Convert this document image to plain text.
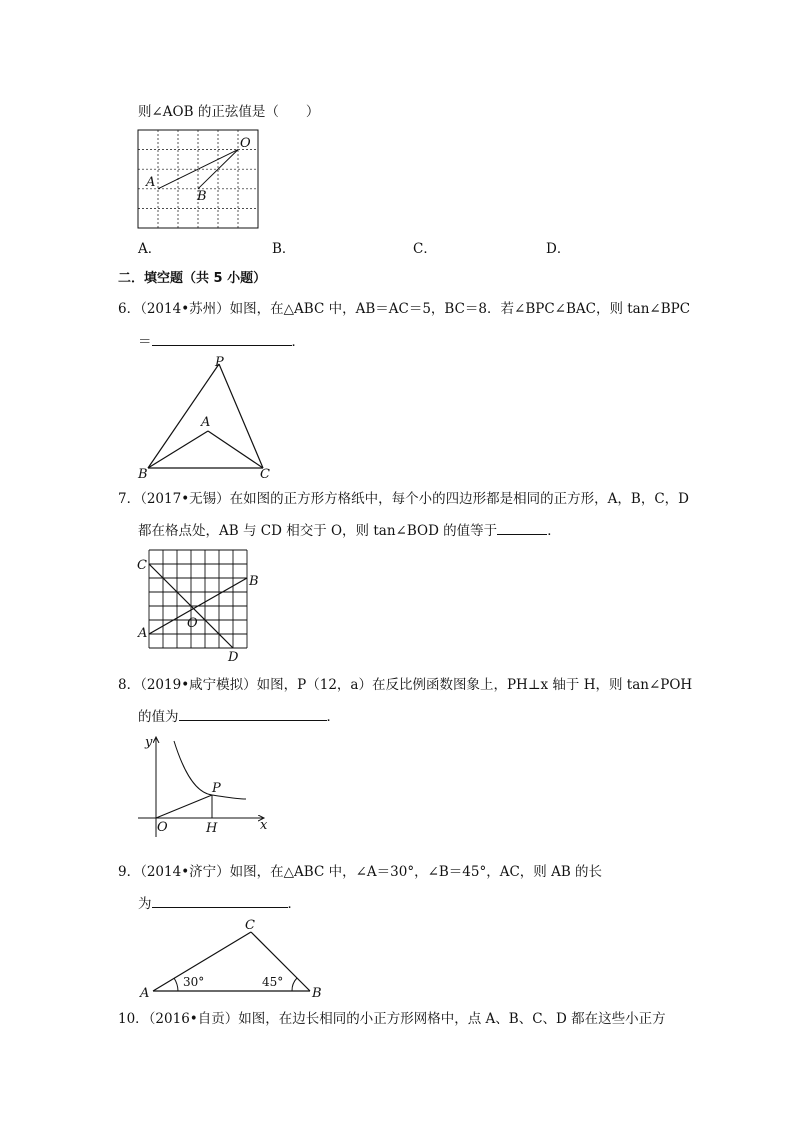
则∠AOB 的正弦值是（　　）
O
A
B
A．	B．	C．	D．
二．填空题（共 5 小题）
6．（2014•苏州）如图，在△ABC 中，AB＝AC＝5，BC＝8．若∠BPC∠BAC，则 tan∠BPC
＝	．
P
A
B	C
7．（2017•无锡）在如图的正方形方格纸中，每个小的四边形都是相同的正方形，A，B，C，D
都在格点处，AB 与 CD 相交于 O，则 tan∠BOD 的值等于	．
C
B
O
A
D
8．（2019•咸宁模拟）如图，P（12，a）在反比例函数图象上，PH⊥x 轴于 H，则 tan∠POH
的值为	．
y
x
O	H
P
9．（2014•济宁）如图，在△ABC 中，∠A＝30°，∠B＝45°，AC，则 AB 的长
为	．
C
A	B
30°	45°
10．（2016•自贡）如图，在边长相同的小正方形网格中，点 A、B、C、D 都在这些小正方
